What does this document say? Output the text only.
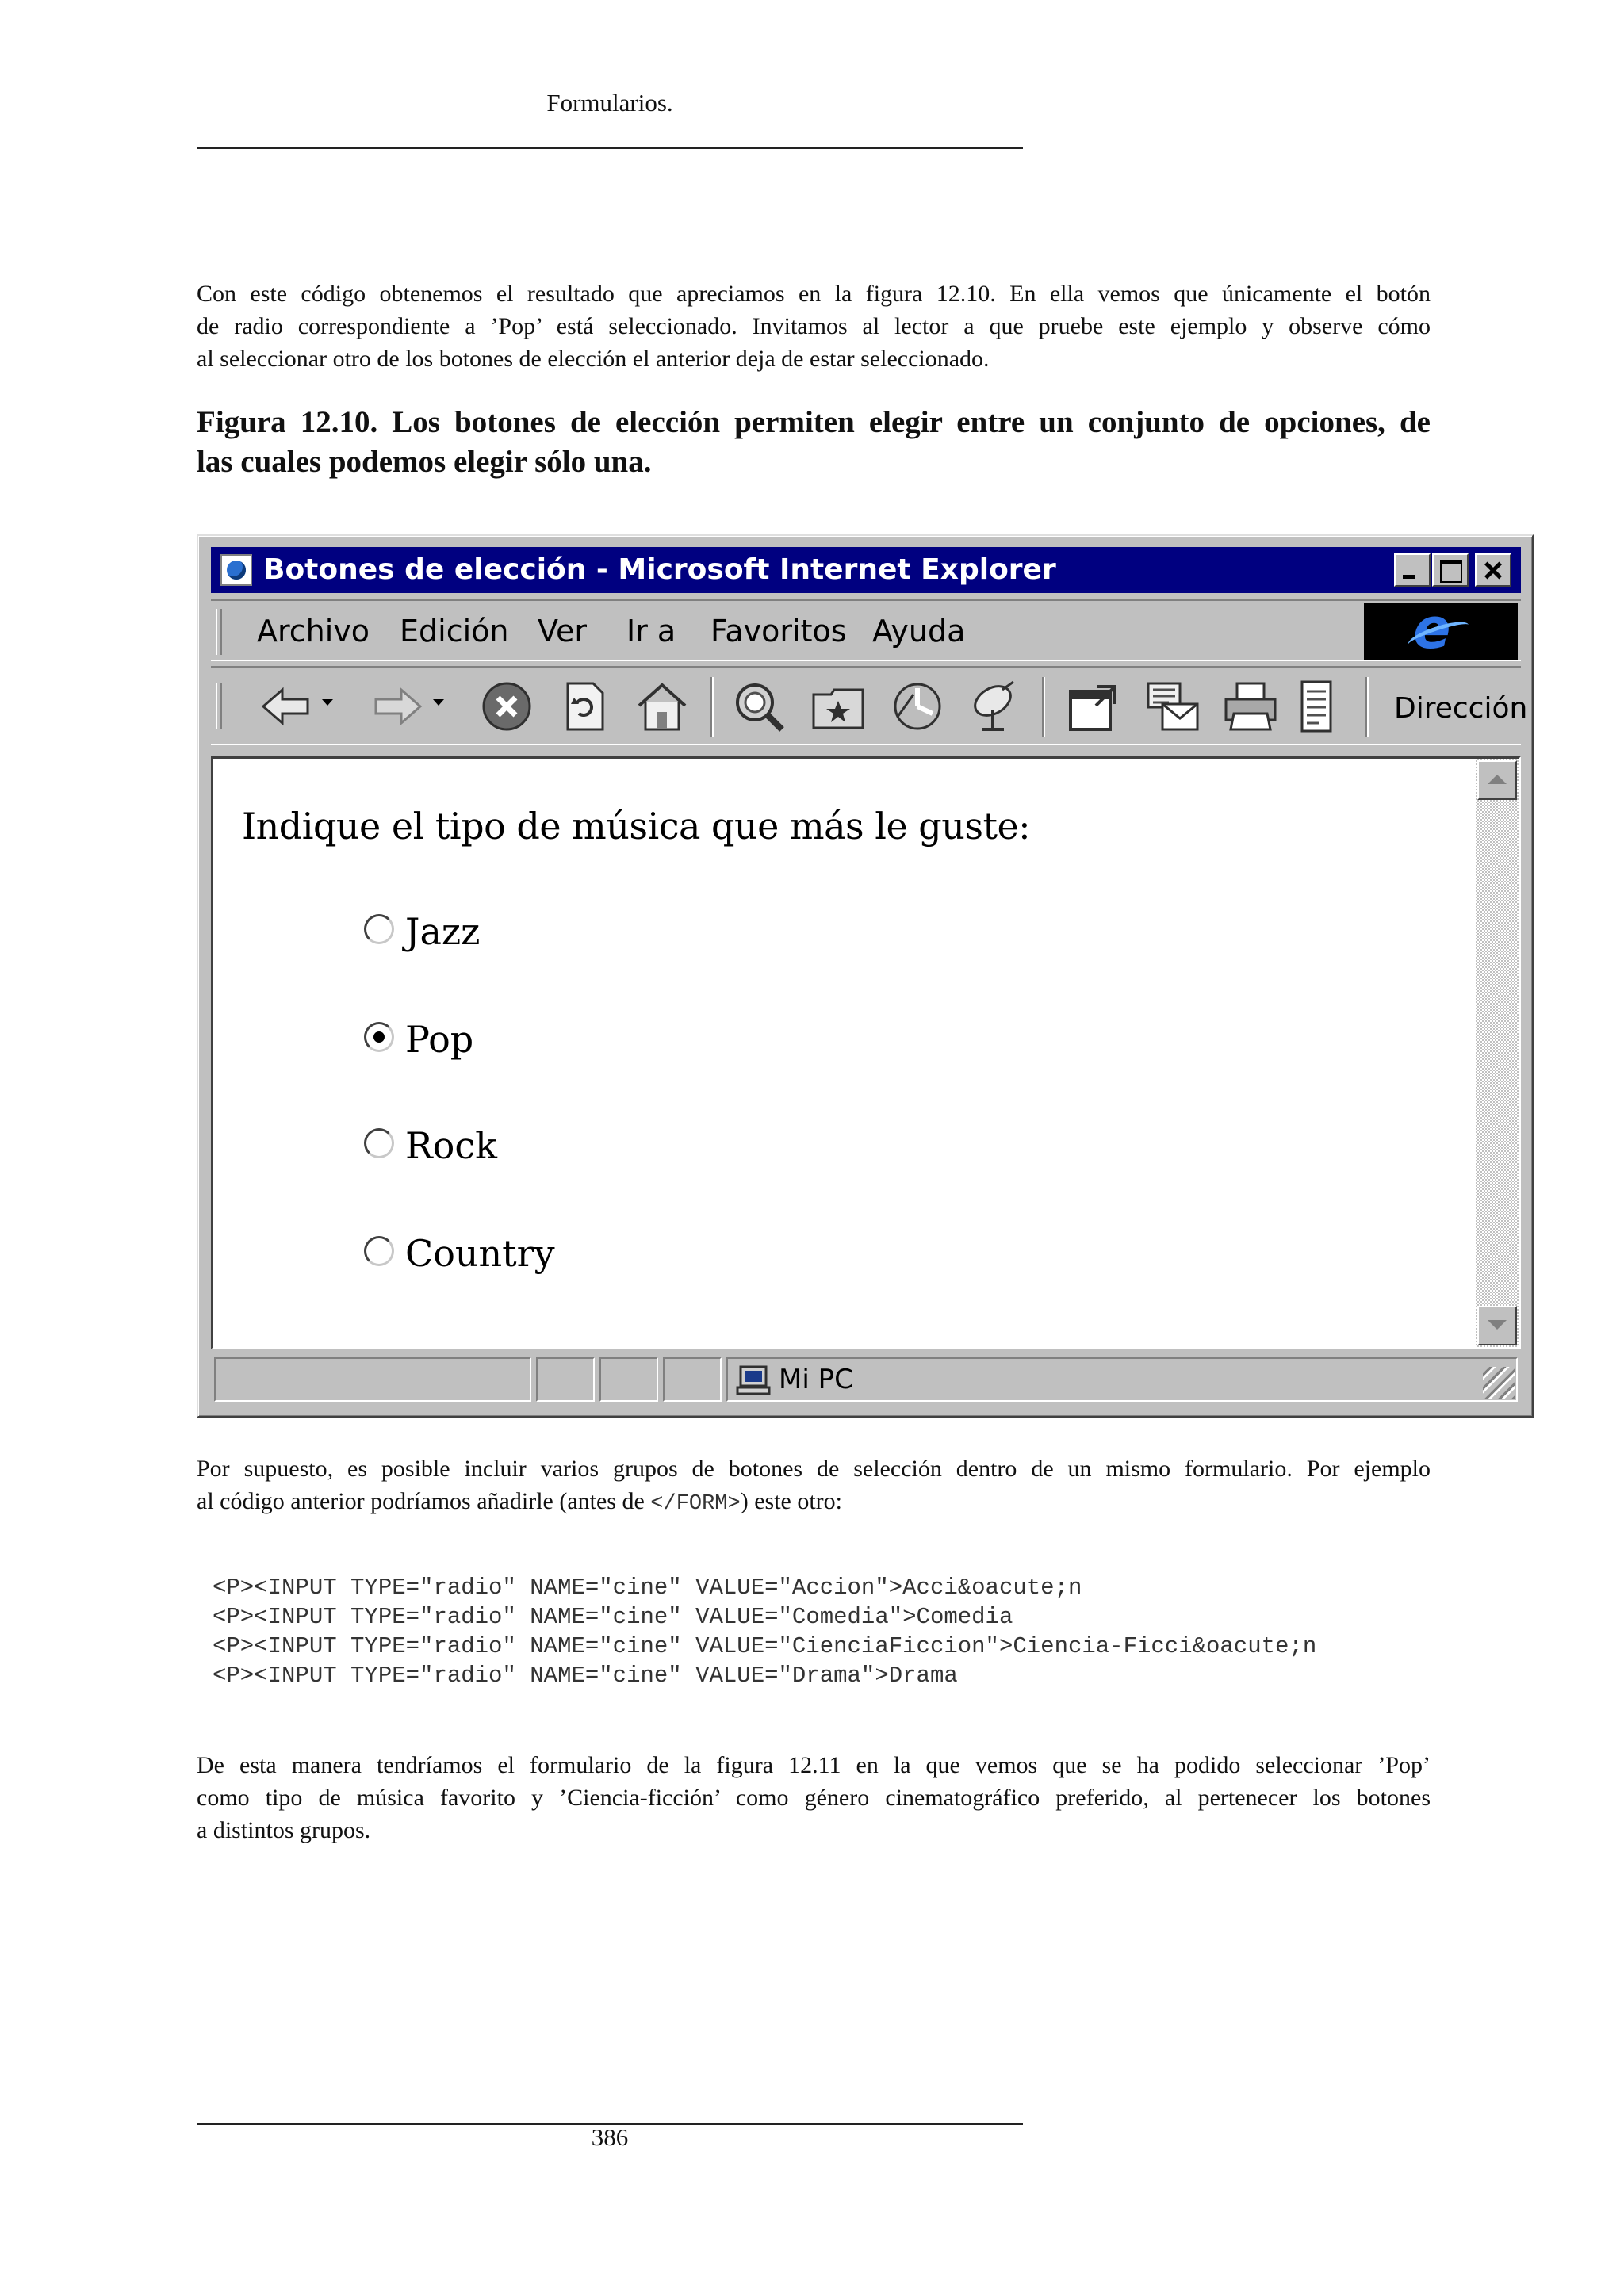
Formularios.
Con este código obtenemos el resultado que apreciamos en la figura 12.10. En ella vemos que únicamente el botón
de radio correspondiente a ’Pop’ está seleccionado. Invitamos al lector a que pruebe este ejemplo y observe cómo
al seleccionar otro de los botones de elección el anterior deja de estar seleccionado.
Figura 12.10. Los botones de elección permiten elegir entre un conjunto de opciones, de
las cuales podemos elegir sólo una.
Botones de elección - Microsoft Internet Explorer
Archivo Edición Ver Ir a Favoritos Ayuda
e
Dirección
Indique el tipo de música que más le guste:
Jazz
Pop
Rock
Country
Mi PC
Por supuesto, es posible incluir varios grupos de botones de selección dentro de un mismo formulario. Por ejemplo
al código anterior podríamos añadirle (antes de </FORM>) este otro:
<P><INPUT TYPE="radio" NAME="cine" VALUE="Accion">Acci&oacute;n
<P><INPUT TYPE="radio" NAME="cine" VALUE="Comedia">Comedia
<P><INPUT TYPE="radio" NAME="cine" VALUE="CienciaFiccion">Ciencia-Ficci&oacute;n
<P><INPUT TYPE="radio" NAME="cine" VALUE="Drama">Drama
De esta manera tendríamos el formulario de la figura 12.11 en la que vemos que se ha podido seleccionar ’Pop’
como tipo de música favorito y ’Ciencia-ficción’ como género cinematográfico preferido, al pertenecer los botones
a distintos grupos.
386
